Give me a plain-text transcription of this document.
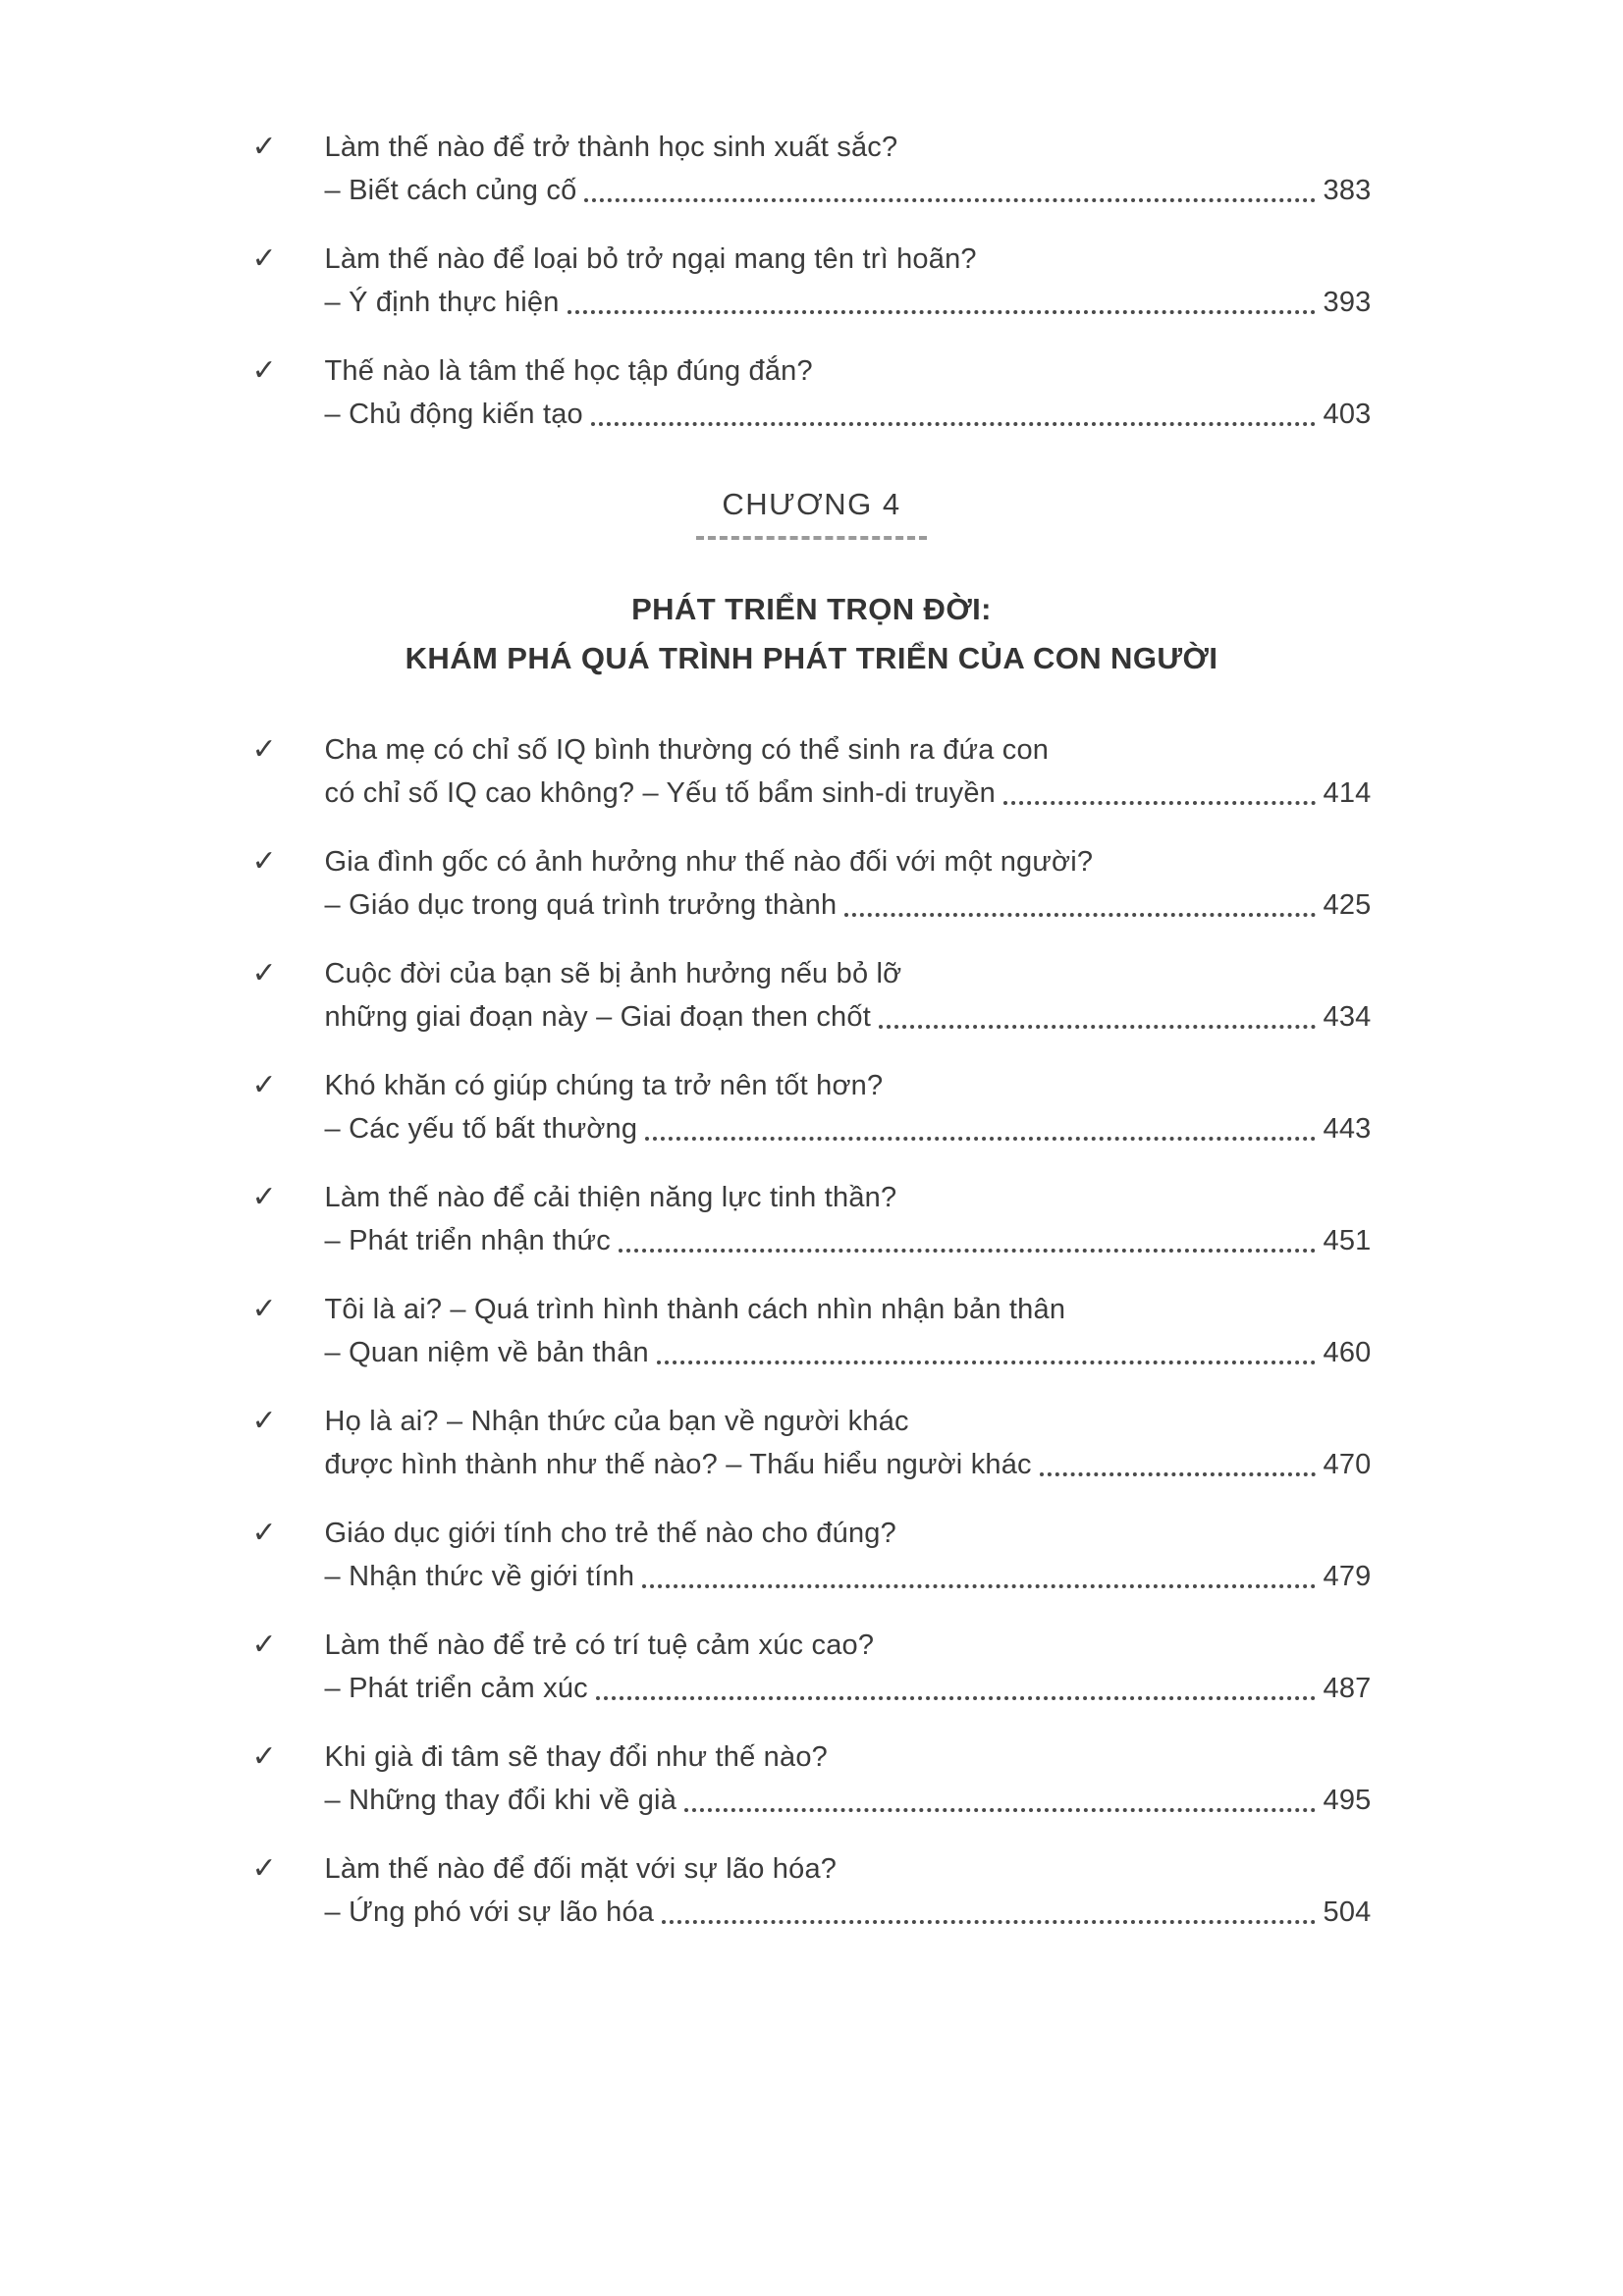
✓	Làm thế nào để trở thành học sinh xuất sắc?
– Biết cách củng cố	383
✓	Làm thế nào để loại bỏ trở ngại mang tên trì hoãn?
– Ý định thực hiện	393
✓	Thế nào là tâm thế học tập đúng đắn?
– Chủ động kiến tạo	403
CHƯƠNG 4
PHÁT TRIỂN TRỌN ĐỜI:
KHÁM PHÁ QUÁ TRÌNH PHÁT TRIỂN CỦA CON NGƯỜI
✓	Cha mẹ có chỉ số IQ bình thường có thể sinh ra đứa con
có chỉ số IQ cao không? – Yếu tố bẩm sinh-di truyền	414
✓	Gia đình gốc có ảnh hưởng như thế nào đối với một người?
– Giáo dục trong quá trình trưởng thành	425
✓	Cuộc đời của bạn sẽ bị ảnh hưởng nếu bỏ lỡ
những giai đoạn này – Giai đoạn then chốt	434
✓	Khó khăn có giúp chúng ta trở nên tốt hơn?
– Các yếu tố bất thường	443
✓	Làm thế nào để cải thiện năng lực tinh thần?
– Phát triển nhận thức	451
✓	Tôi là ai? – Quá trình hình thành cách nhìn nhận bản thân
– Quan niệm về bản thân	460
✓	Họ là ai? – Nhận thức của bạn về người khác
được hình thành như thế nào? – Thấu hiểu người khác	470
✓	Giáo dục giới tính cho trẻ thế nào cho đúng?
– Nhận thức về giới tính	479
✓	Làm thế nào để trẻ có trí tuệ cảm xúc cao?
– Phát triển cảm xúc	487
✓	Khi già đi tâm sẽ thay đổi như thế nào?
– Những thay đổi khi về già	495
✓	Làm thế nào để đối mặt với sự lão hóa?
– Ứng phó với sự lão hóa	504
